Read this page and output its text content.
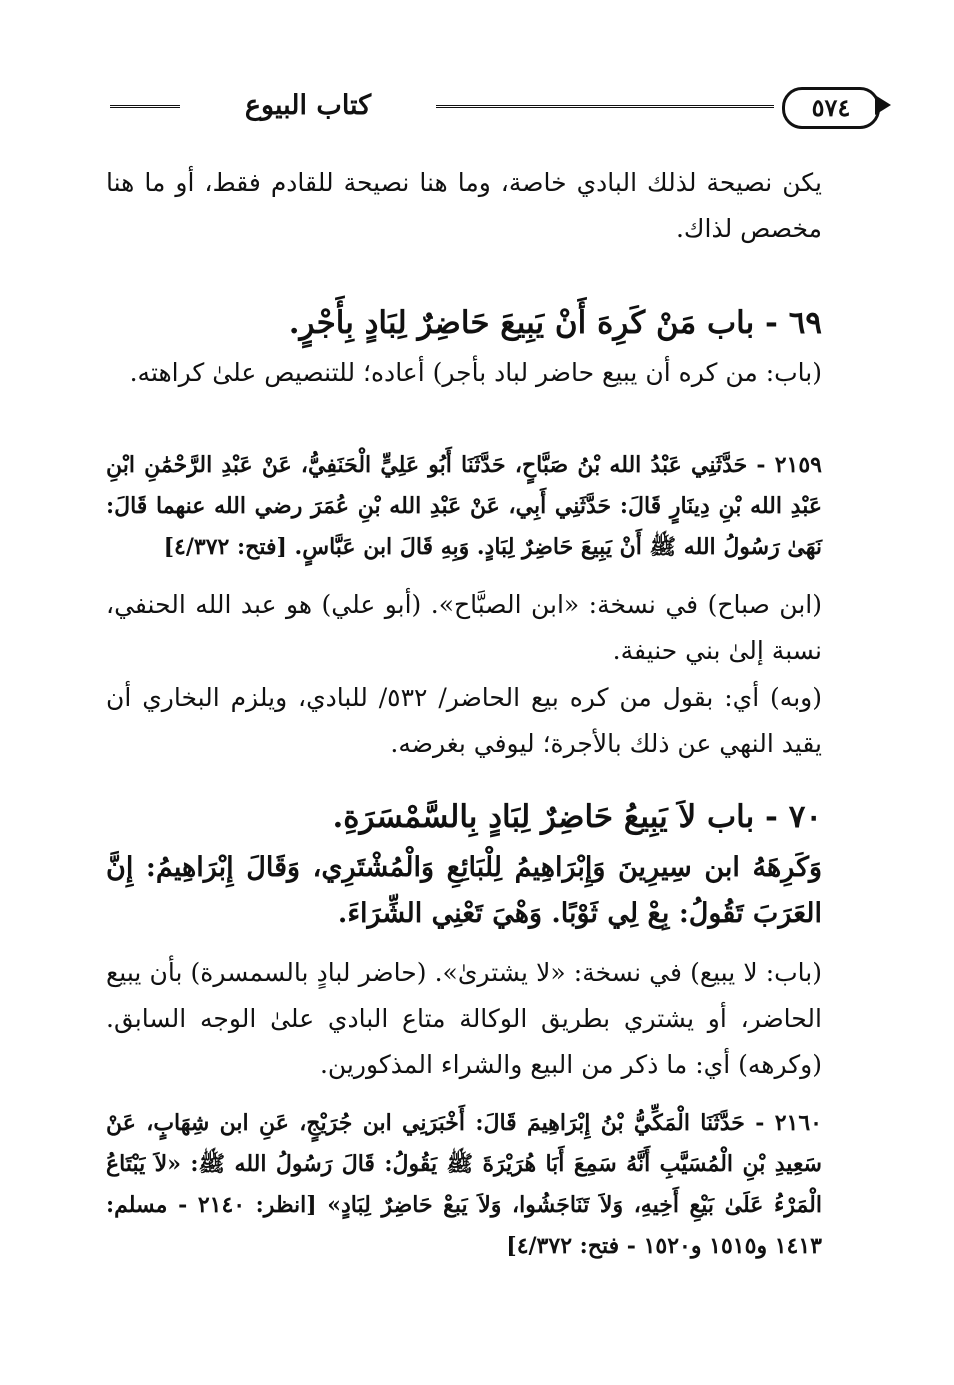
كتاب البيوع	٥٧٤

يكن نصيحة لذلك البادي خاصة، وما هنا نصيحة للقادم فقط، أو ما هنا مخصص لذاك.

٦٩ - باب مَنْ كَرِهَ أَنْ يَبِيعَ حَاضِرٌ لِبَادٍ بِأَجْرٍ.

(باب: من كره أن يبيع حاضر لباد بأجر) أعاده؛ للتنصيص علىٰ كراهته.

٢١٥٩ - حَدَّثَنِي عَبْدُ الله بْنُ صَبَّاحٍ، حَدَّثَنَا أَبُو عَلِيٍّ الْحَنَفِيُّ، عَنْ عَبْدِ الرَّحْمَٰنِ ابْنِ عَبْدِ الله بْنِ دِينَارٍ قَالَ: حَدَّثَنِي أَبِي، عَنْ عَبْدِ الله بْنِ عُمَرَ رضي الله عنهما قَالَ: نَهَىٰ رَسُولُ الله ﷺ أَنْ يَبِيعَ حَاضِرٌ لِبَادٍ. وَبِهِ قَالَ ابن عَبَّاسٍ. [فتح: ٤/٣٧٢]

(ابن صباح) في نسخة: «ابن الصبَّاح». (أبو علي) هو عبد الله الحنفي، نسبة إلىٰ بني حنيفة.

(وبه) أي: بقول من كره بيع الحاضر/ ٥٣٢/ للبادي، ويلزم البخاري أن يقيد النهي عن ذلك بالأجرة؛ ليوفي بغرضه.

٧٠ - باب لاَ يَبِيعُ حَاضِرٌ لِبَادٍ بِالسَّمْسَرَةِ.

وَكَرِهَهُ ابن سِيرِينَ وَإِبْرَاهِيمُ لِلْبَائِعِ وَالْمُشْتَرِي، وَقَالَ إِبْرَاهِيمُ: إِنَّ العَرَبَ تَقُولُ: بِعْ لِي ثَوْبًا. وَهْيَ تَعْنِي الشِّرَاءَ.

(باب: لا يبيع) في نسخة: «لا يشترىٰ». (حاضر لبادٍ بالسمسرة) بأن يبيع الحاضر، أو يشتري بطريق الوكالة متاع البادي علىٰ الوجه السابق. (وكرهه) أي: ما ذكر من البيع والشراء المذكورين.

٢١٦٠ - حَدَّثَنَا الْمَكِّيُّ بْنُ إِبْرَاهِيمَ قَالَ: أَخْبَرَنِي ابن جُرَيْجٍ، عَنِ ابن شِهَابٍ، عَنْ سَعِيدِ بْنِ الْمُسَيَّبِ أَنَّهُ سَمِعَ أَبَا هُرَيْرَةَ ﷺ يَقُولُ: قَالَ رَسُولُ الله ﷺ: «لاَ يَبْتَاعُ الْمَرْءُ عَلَىٰ بَيْعِ أَخِيهِ، وَلاَ تَنَاجَشُوا، وَلاَ يَبعْ حَاضِرٌ لِبَادٍ» [انظر: ٢١٤٠ - مسلم: ١٤١٣ و١٥١٥ و١٥٢٠ - فتح: ٤/٣٧٢]
